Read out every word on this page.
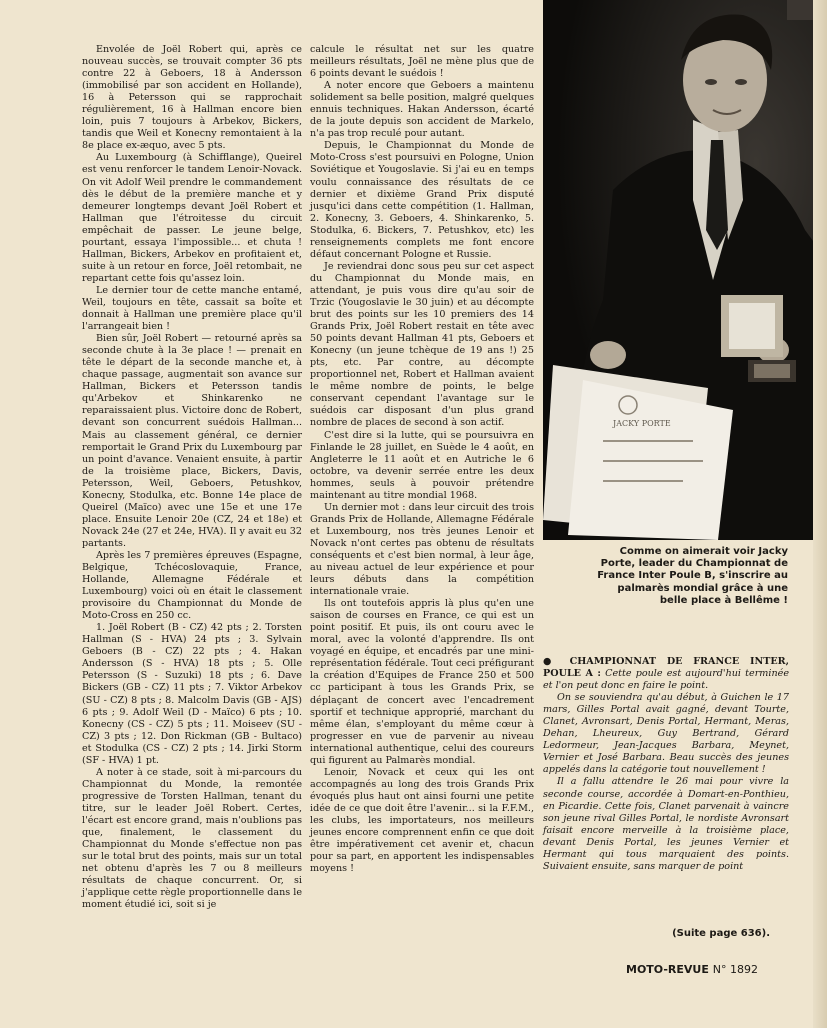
Envolée de Joël Robert qui, après ce nouveau succès, se trouvait compter 36 pts contre 22 à Geboers, 18 à Andersson (immobilisé par son accident en Hollande), 16 à Petersson qui se rapprochait régulièrement, 16 à Hallman encore bien loin, puis 7 toujours à Arbekov, Bickers, tandis que Weil et Konecny remontaient à la 8e place ex-æquo, avec 5 pts.

Au Luxembourg (à Schifflange), Queirel est venu renforcer le tandem Lenoir-Novack. On vit Adolf Weil prendre le commandement dès le début de la première manche et y demeurer longtemps devant Joël Robert et Hallman que l'étroitesse du circuit empêchait de passer. Le jeune belge, pourtant, essaya l'impossible... et chuta ! Hallman, Bickers, Arbekov en profitaient et, suite à un retour en force, Joël retombait, ne repartant cette fois qu'assez loin.

Le dernier tour de cette manche entamé, Weil, toujours en tête, cassait sa boîte et donnait à Hallman une première place qu'il l'arrangeait bien !

Bien sûr, Joël Robert — retourné après sa seconde chute à la 3e place ! — prenait en tête le départ de la seconde manche et, à chaque passage, augmentait son avance sur Hallman, Bickers et Petersson tandis qu'Arbekov et Shinkarenko ne reparaissaient plus. Victoire donc de Robert, devant son concurrent suédois Hallman... Mais au classement général, ce dernier remportait le Grand Prix du Luxembourg par un point d'avance. Venaient ensuite, à partir de la troisième place, Bickers, Davis, Petersson, Weil, Geboers, Petushkov, Konecny, Stodulka, etc. Bonne 14e place de Queirel (Maïco) avec une 15e et une 17e place. Ensuite Lenoir 20e (CZ, 24 et 18e) et Novack 24e (27 et 24e, HVA). Il y avait eu 32 partants.

Après les 7 premières épreuves (Espagne, Belgique, Tchécoslovaquie, France, Hollande, Allemagne Fédérale et Luxembourg) voici où en était le classement provisoire du Championnat du Monde de Moto-Cross en 250 cc.

1. Joël Robert (B - CZ) 42 pts ; 2. Torsten Hallman (S - HVA) 24 pts ; 3. Sylvain Geboers (B - CZ) 22 pts ; 4. Hakan Andersson (S - HVA) 18 pts ; 5. Olle Petersson (S - Suzuki) 18 pts ; 6. Dave Bickers (GB - CZ) 11 pts ; 7. Viktor Arbekov (SU - CZ) 8 pts ; 8. Malcolm Davis (GB - AJS) 6 pts ; 9. Adolf Weil (D - Maïco) 6 pts ; 10. Konecny (CS - CZ) 5 pts ; 11. Moiseev (SU - CZ) 3 pts ; 12. Don Rickman (GB - Bultaco) et Stodulka (CS - CZ) 2 pts ; 14. Jirki Storm (SF - HVA) 1 pt.

A noter à ce stade, soit à mi-parcours du Championnat du Monde, la remontée progressive de Torsten Hallman, tenant du titre, sur le leader Joël Robert. Certes, l'écart est encore grand, mais n'oublions pas que, finalement, le classement du Championnat du Monde s'effectue non pas sur le total brut des points, mais sur un total net obtenu d'après les 7 ou 8 meilleurs résultats de chaque concurrent. Or, si j'applique cette règle proportionnelle dans le moment étudié ici, soit si je

calcule le résultat net sur les quatre meilleurs résultats, Joël ne mène plus que de 6 points devant le suédois !

A noter encore que Geboers a maintenu solidement sa belle position, malgré quelques ennuis techniques. Hakan Andersson, écarté de la joute depuis son accident de Markelo, n'a pas trop reculé pour autant.

Depuis, le Championnat du Monde de Moto-Cross s'est poursuivi en Pologne, Union Soviétique et Yougoslavie. Si j'ai eu en temps voulu connaissance des résultats de ce dernier et dixième Grand Prix disputé jusqu'ici dans cette compétition (1. Hallman, 2. Konecny, 3. Geboers, 4. Shinkarenko, 5. Stodulka, 6. Bickers, 7. Petushkov, etc) les renseignements complets me font encore défaut concernant Pologne et Russie.

Je reviendrai donc sous peu sur cet aspect du Championnat du Monde mais, en attendant, je puis vous dire qu'au soir de Trzic (Yougoslavie le 30 juin) et au décompte brut des points sur les 10 premiers des 14 Grands Prix, Joël Robert restait en tête avec 50 points devant Hallman 41 pts, Geboers et Konecny (un jeune tchèque de 19 ans !) 25 pts, etc. Par contre, au décompte proportionnel net, Robert et Hallman avaient le même nombre de points, le belge conservant cependant l'avantage sur le suédois car disposant d'un plus grand nombre de places de second à son actif.

C'est dire si la lutte, qui se poursuivra en Finlande le 28 juillet, en Suède le 4 août, en Angleterre le 11 août et en Autriche le 6 octobre, va devenir serrée entre les deux hommes, seuls à pouvoir prétendre maintenant au titre mondial 1968.

Un dernier mot : dans leur circuit des trois Grands Prix de Hollande, Allemagne Fédérale et Luxembourg, nos très jeunes Lenoir et Novack n'ont certes pas obtenu de résultats conséquents et c'est bien normal, à leur âge, au niveau actuel de leur expérience et pour leurs débuts dans la compétition internationale vraie.

Ils ont toutefois appris là plus qu'en une saison de courses en France, ce qui est un point positif. Et puis, ils ont couru avec le moral, avec la volonté d'apprendre. Ils ont voyagé en équipe, et encadrés par une mini-représentation fédérale. Tout ceci préfigurant la création d'Equipes de France 250 et 500 cc participant à tous les Grands Prix, se déplaçant de concert avec l'encadrement sportif et technique approprié, marchant du même élan, s'employant du même cœur à progresser en vue de parvenir au niveau international authentique, celui des coureurs qui figurent au Palmarès mondial.

Lenoir, Novack et ceux qui les ont accompagnés au long des trois Grands Prix évoqués plus haut ont ainsi fourni une petite idée de ce que doit être l'avenir... si la F.F.M., les clubs, les importateurs, nos meilleurs jeunes encore comprennent enfin ce que doit être impérativement cet avenir et, chacun pour sa part, en apportent les indispensables moyens !

JACKY PORTE
Comme on aimerait voir Jacky Porte, leader du Championnat de France Inter Poule B, s'inscrire au palmarès mondial grâce à une belle place à Bellême !

● CHAMPIONNAT DE FRANCE INTER, POULE A : Cette poule est aujourd'hui terminée et l'on peut donc en faire le point.

On se souviendra qu'au début, à Guichen le 17 mars, Gilles Portal avait gagné, devant Tourte, Clanet, Avronsart, Denis Portal, Hermant, Meras, Dehan, Lheureux, Guy Bertrand, Gérard Ledormeur, Jean-Jacques Barbara, Meynet, Vernier et José Barbara. Beau succès des jeunes appelés dans la catégorie tout nouvellement !

Il a fallu attendre le 26 mai pour vivre la seconde course, accordée à Domart-en-Ponthieu, en Picardie. Cette fois, Clanet parvenait à vaincre son jeune rival Gilles Portal, le nordiste Avronsart faisait encore merveille à la troisième place, devant Denis Portal, les jeunes Vernier et Hermant qui tous marquaient des points. Suivaient ensuite, sans marquer de point

(Suite page 636).
MOTO-REVUE N° 1892
